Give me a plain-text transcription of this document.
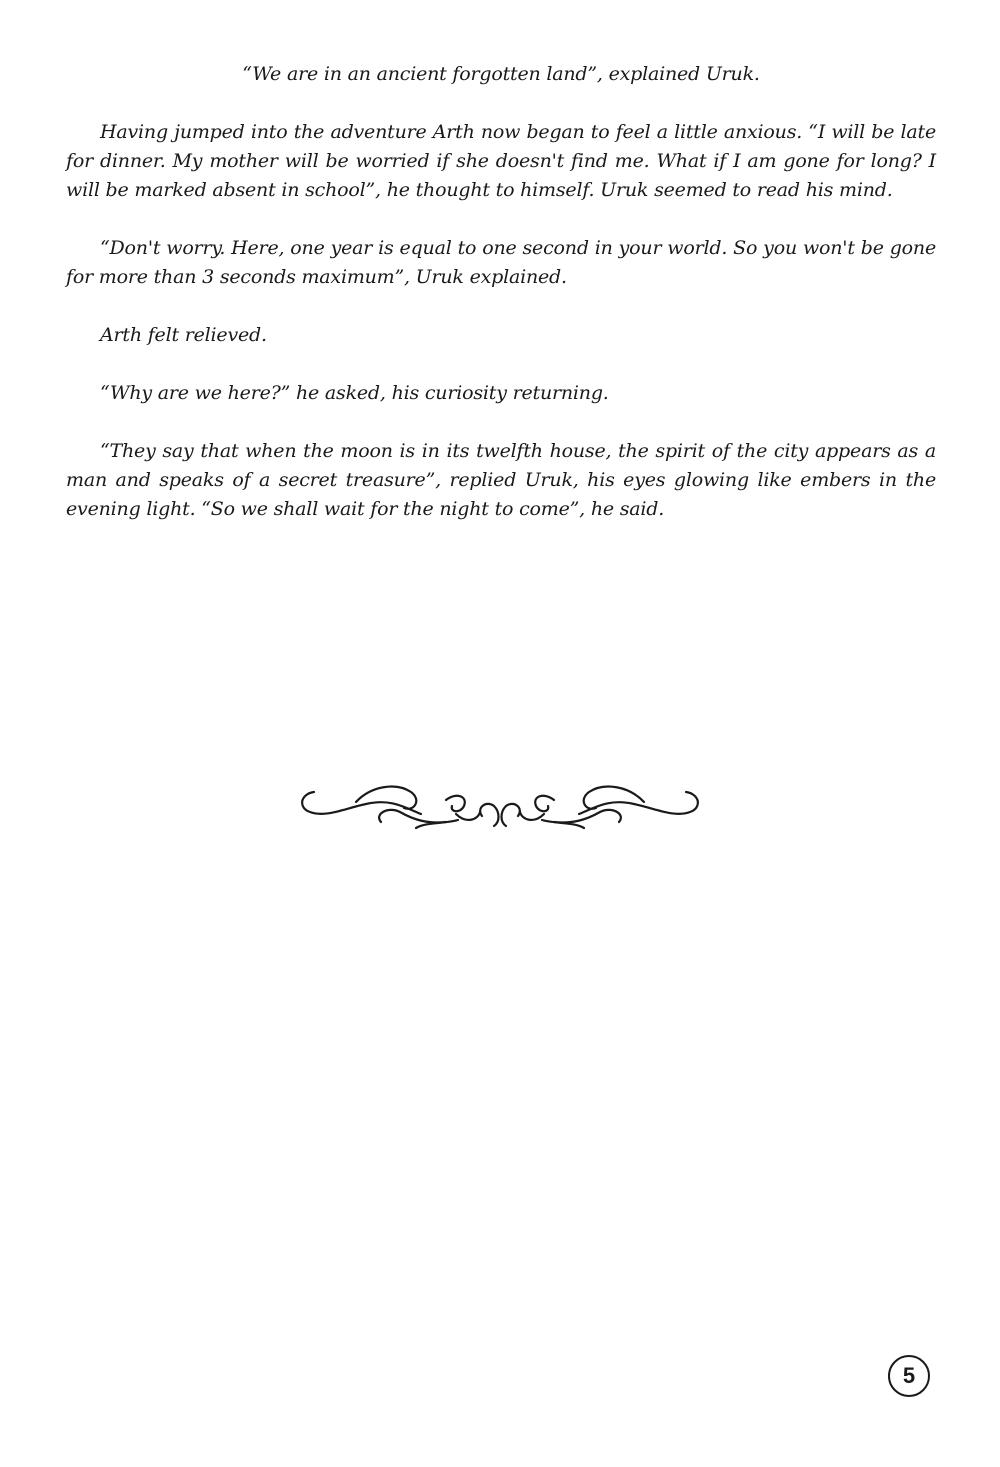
“We are in an ancient forgotten land”, explained Uruk.

Having jumped into the adventure Arth now began to feel a little anxious. “I will be late for dinner. My mother will be worried if she doesn't find me. What if I am gone for long? I will be marked absent in school”, he thought to himself. Uruk seemed to read his mind.

“Don't worry. Here, one year is equal to one second in your world. So you won't be gone for more than 3 seconds maximum”, Uruk explained.

Arth felt relieved.

“Why are we here?” he asked, his curiosity returning.

“They say that when the moon is in its twelfth house, the spirit of the city appears as a man and speaks of a secret treasure”, replied Uruk, his eyes glowing like embers in the evening light. “So we shall wait for the night to come”, he said.

5
